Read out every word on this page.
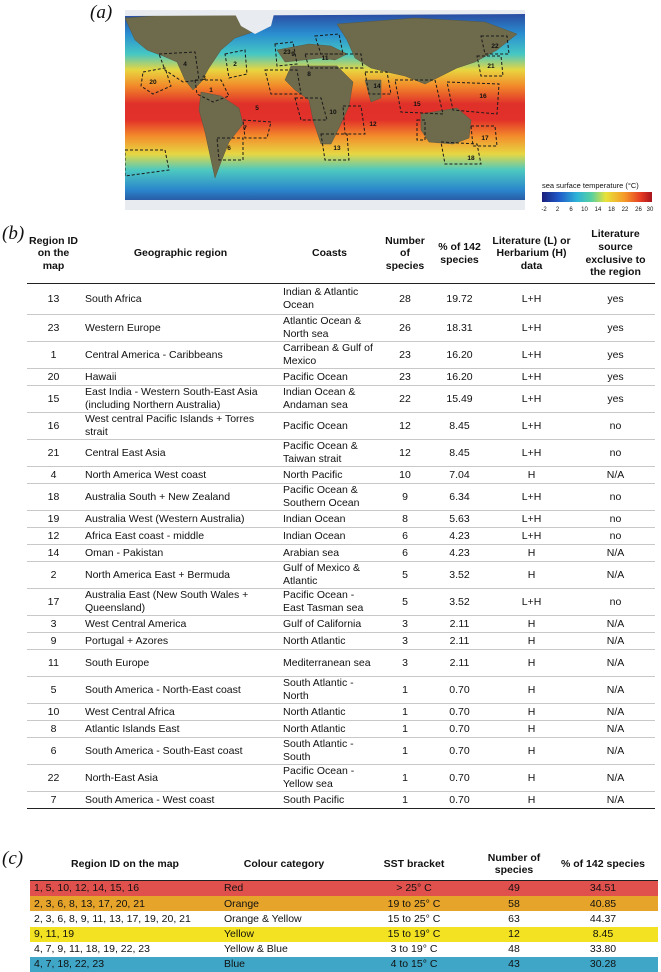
(a)
20
3
1
4	2
7
5
6
8
9
10
11
12
13
14
15
16
17
18
21
22
23
sea surface temperature (°C)
-2 2 6 10 14 18 22 26 30
(b) Region ID on the map	Geographic region	Coasts	Number of species	% of 142 species	Literature (L) or Herbarium (H) data	Literature source exclusive to the region
13	South Africa	Indian & Atlantic Ocean	28	19.72	L+H	yes
23	Western Europe	Atlantic Ocean & North sea	26	18.31	L+H	yes
1	Central America - Caribbeans	Carribean & Gulf of Mexico	23	16.20	L+H	yes
20	Hawaii	Pacific Ocean	23	16.20	L+H	yes
15	East India - Western South-East Asia (including Northern Australia)	Indian Ocean & Andaman sea	22	15.49	L+H	yes
16	West central Pacific Islands + Torres strait	Pacific Ocean	12	8.45	L+H	no
21	Central East Asia	Pacific Ocean & Taiwan strait	12	8.45	L+H	no
4	North America West coast	North Pacific	10	7.04	H	N/A
18	Australia South + New Zealand	Pacific Ocean & Southern Ocean	9	6.34	L+H	no
19	Australia West (Western Australia)	Indian Ocean	8	5.63	L+H	no
12	Africa East coast - middle	Indian Ocean	6	4.23	L+H	no
14	Oman - Pakistan	Arabian sea	6	4.23	H	N/A
2	North America East + Bermuda	Gulf of Mexico & Atlantic	5	3.52	H	N/A
17	Australia East (New South Wales + Queensland)	Pacific Ocean - East Tasman sea	5	3.52	L+H	no
3	West Central America	Gulf of California	3	2.11	H	N/A
9	Portugal + Azores	North Atlantic	3	2.11	H	N/A
11	South Europe	Mediterranean sea	3	2.11	H	N/A
5	South America - North-East coast	South Atlantic - North	1	0.70	H	N/A
10	West Central Africa	North Atlantic	1	0.70	H	N/A
8	Atlantic Islands East	North Atlantic	1	0.70	H	N/A
6	South America - South-East coast	South Atlantic - South	1	0.70	H	N/A
22	North-East Asia	Pacific Ocean - Yellow sea	1	0.70	H	N/A
7	South America - West coast	South Pacific	1	0.70	H	N/A
(c)	Region ID on the map	Colour category	SST bracket	Number of species	% of 142 species
1, 5, 10, 12, 14, 15, 16	Red	> 25° C	49	34.51
2, 3, 6, 8, 13, 17, 20, 21	Orange	19 to 25° C	58	40.85
2, 3, 6, 8, 9, 11, 13, 17, 19, 20, 21	Orange & Yellow	15 to 25° C	63	44.37
9, 11, 19	Yellow	15 to 19° C	12	8.45
4, 7, 9, 11, 18, 19, 22, 23	Yellow & Blue	3 to 19° C	48	33.80
4, 7, 18, 22, 23	Blue	4 to 15° C	43	30.28
